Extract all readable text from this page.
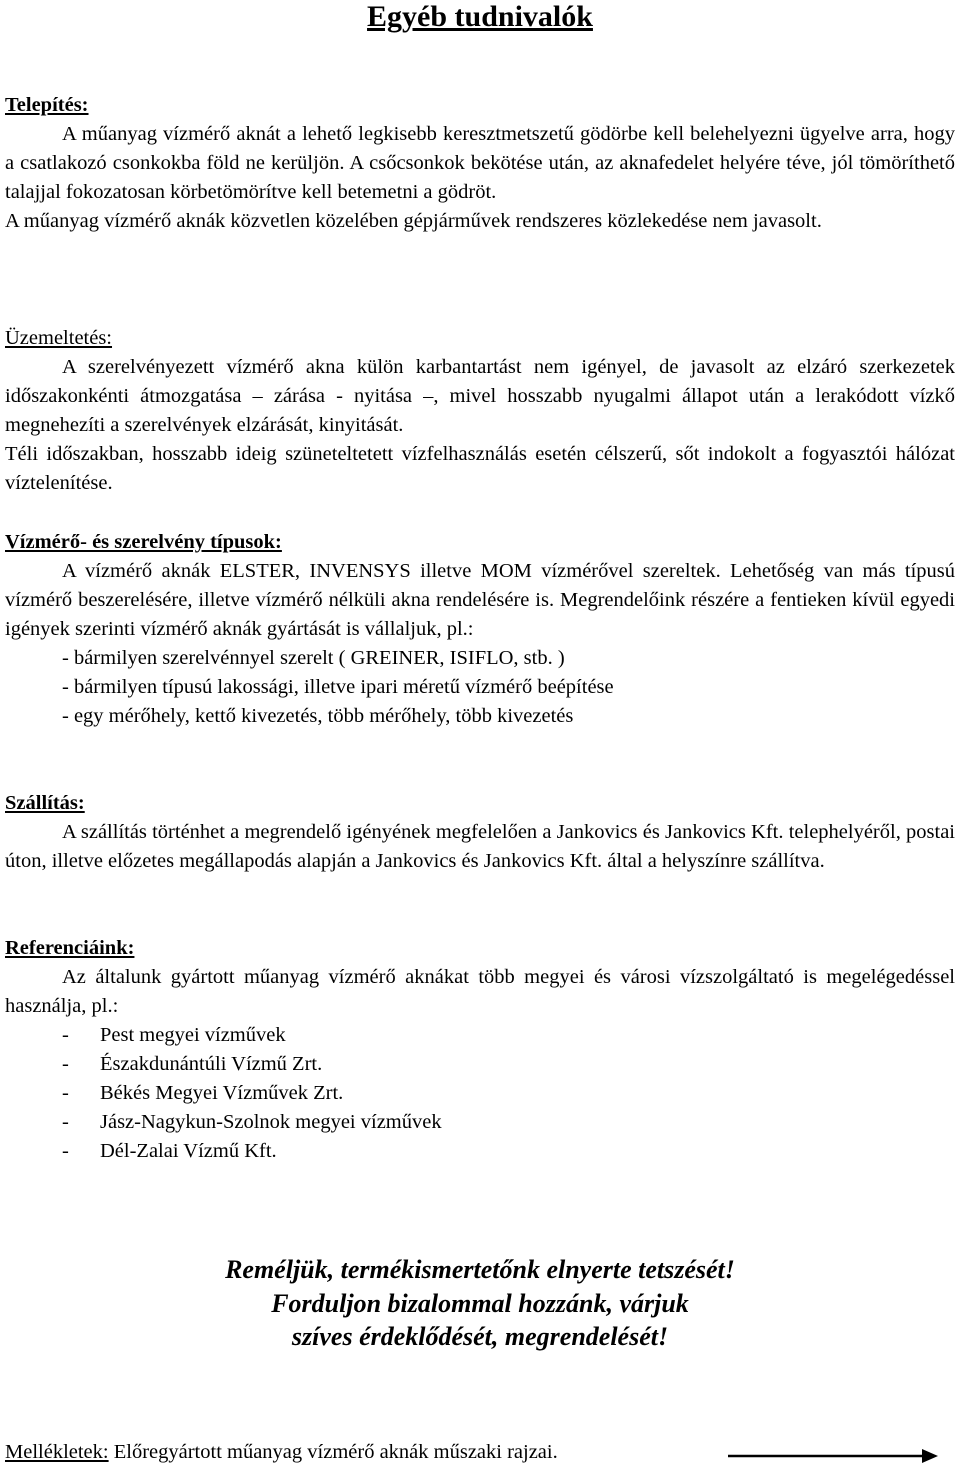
Egyéb tudnivalók
Telepítés:

A műanyag vízmérő aknát a lehető legkisebb keresztmetszetű gödörbe kell belehelyezni ügyelve arra, hogy a csatlakozó csonkokba föld ne kerüljön. A csőcsonkok bekötése után, az aknafedelet helyére téve, jól tömöríthető talajjal fokozatosan körbetömörítve kell betemetni a gödröt.

A műanyag vízmérő aknák közvetlen közelében gépjárművek rendszeres közlekedése nem javasolt.

Üzemeltetés:

A szerelvényezett vízmérő akna külön karbantartást nem igényel, de javasolt az elzáró szerkezetek időszakonkénti átmozgatása – zárása - nyitása –, mivel hosszabb nyugalmi állapot után a lerakódott vízkő megnehezíti a szerelvények elzárását, kinyitását.

Téli időszakban, hosszabb ideig szüneteltetett vízfelhasználás esetén célszerű, sőt indokolt a fogyasztói hálózat víztelenítése.

Vízmérő- és szerelvény típusok:

A vízmérő aknák ELSTER, INVENSYS illetve MOM vízmérővel szereltek. Lehetőség van más típusú vízmérő beszerelésére, illetve vízmérő nélküli akna rendelésére is. Megrendelőink részére a fentieken kívül egyedi igények szerinti vízmérő aknák gyártását is vállaljuk, pl.:

- bármilyen szerelvénnyel szerelt ( GREINER, ISIFLO, stb. )
- bármilyen típusú lakossági, illetve ipari méretű vízmérő beépítése
- egy mérőhely, kettő kivezetés, több mérőhely, több kivezetés
Szállítás:

A szállítás történhet a megrendelő igényének megfelelően a Jankovics és Jankovics Kft. telephelyéről, postai úton, illetve előzetes megállapodás alapján a Jankovics és Jankovics Kft. által a helyszínre szállítva.

Referenciáink:

Az általunk gyártott műanyag vízmérő aknákat több megyei és városi vízszolgáltató is megelégedéssel használja, pl.:

- Pest megyei vízművek
- Északdunántúli Vízmű Zrt.
- Békés Megyei Vízművek Zrt.
- Jász-Nagykun-Szolnok megyei vízművek
- Dél-Zalai Vízmű Kft.
Reméljük, termékismertetőnk elnyerte tetszését!
Forduljon bizalommal hozzánk, várjuk
szíves érdeklődését, megrendelését!
Mellékletek: Előregyártott műanyag vízmérő aknák műszaki rajzai.
